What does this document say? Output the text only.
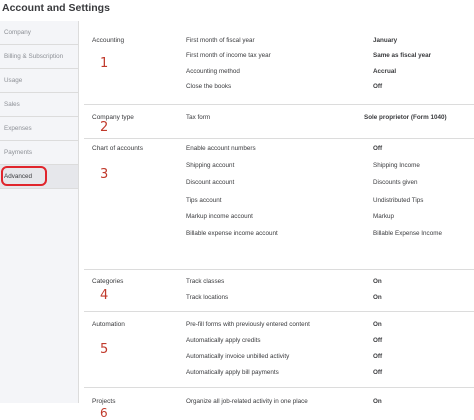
Account and Settings
Company
Billing & Subscription
Usage
Sales
Expenses
Payments
Advanced
Accounting
1
First month of fiscal year	January
First month of income tax year	Same as fiscal year
Accounting method	Accrual
Close the books	Off
Company type
2
Tax form	Sole proprietor (Form 1040)
Chart of accounts
3
Enable account numbers	Off
Shipping account	Shipping Income
Discount account	Discounts given
Tips account	Undistributed Tips
Markup income account	Markup
Billable expense income account	Billable Expense Income
Categories
4
Track classes	On
Track locations	On
Automation
5
Pre-fill forms with previously entered content	On
Automatically apply credits	Off
Automatically invoice unbilled activity	Off
Automatically apply bill payments	Off
Projects
6
Organize all job-related activity in one place	On
